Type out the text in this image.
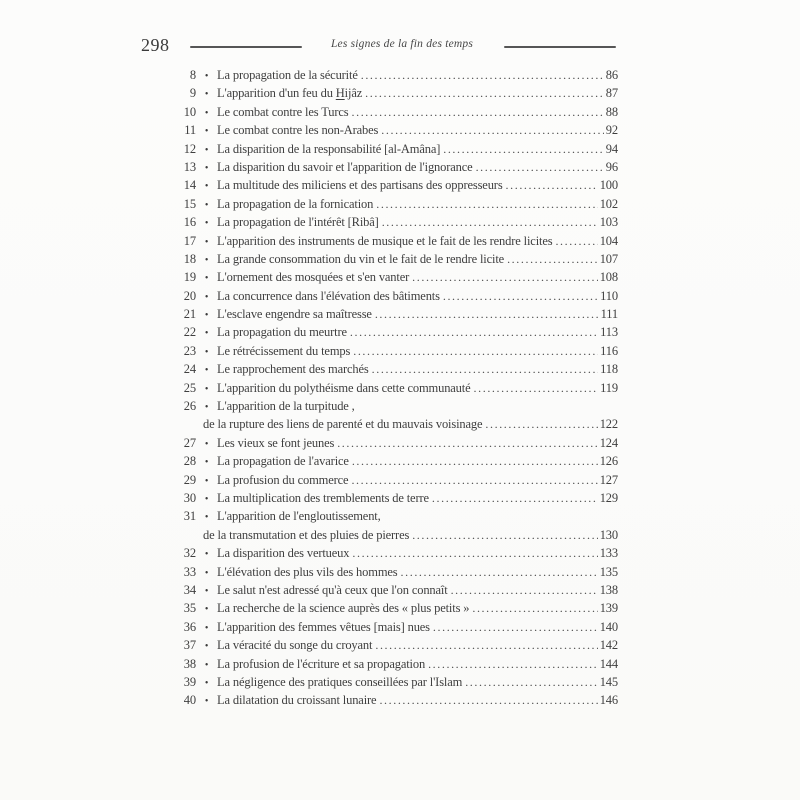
298	Les signes de la fin des temps
8 • La propagation de la sécurité .....	86
9 • L'apparition d'un feu du Hijâz .....	87
10 • Le combat contre les Turcs .....	88
11 • Le combat contre les non-Arabes .....	92
12 • La disparition de la responsabilité [al-Amâna] .....	94
13 • La disparition du savoir et l'apparition de l'ignorance .....	96
14 • La multitude des miliciens et des partisans des oppresseurs .....	100
15 • La propagation de la fornication .....	102
16 • La propagation de l'intérêt [Ribâ] .....	103
17 • L'apparition des instruments de musique et le fait de les rendre licites .....	104
18 • La grande consommation du vin et le fait de le rendre licite .....	107
19 • L'ornement des mosquées et s'en vanter .....	108
20 • La concurrence dans l'élévation des bâtiments .....	110
21 • L'esclave engendre sa maîtresse .....	111
22 • La propagation du meurtre .....	113
23 • Le rétrécissement du temps .....	116
24 • Le rapprochement des marchés .....	118
25 • L'apparition du polythéisme dans cette communauté .....	119
26 • L'apparition de la turpitude ,
de la rupture des liens de parenté et du mauvais voisinage .....	122
27 • Les vieux se font jeunes .....	124
28 • La propagation de l'avarice .....	126
29 • La profusion du commerce .....	127
30 • La multiplication des tremblements de terre .....	129
31 • L'apparition de l'engloutissement,
de la transmutation et des pluies de pierres .....	130
32 • La disparition des vertueux .....	133
33 • L'élévation des plus vils des hommes .....	135
34 • Le salut n'est adressé qu'à ceux que l'on connaît .....	138
35 • La recherche de la science auprès des « plus petits » .....	139
36 • L'apparition des femmes vêtues [mais] nues .....	140
37 • La véracité du songe du croyant .....	142
38 • La profusion de l'écriture et sa propagation .....	144
39 • La négligence des pratiques conseillées par l'Islam .....	145
40 • La dilatation du croissant lunaire .....	146
